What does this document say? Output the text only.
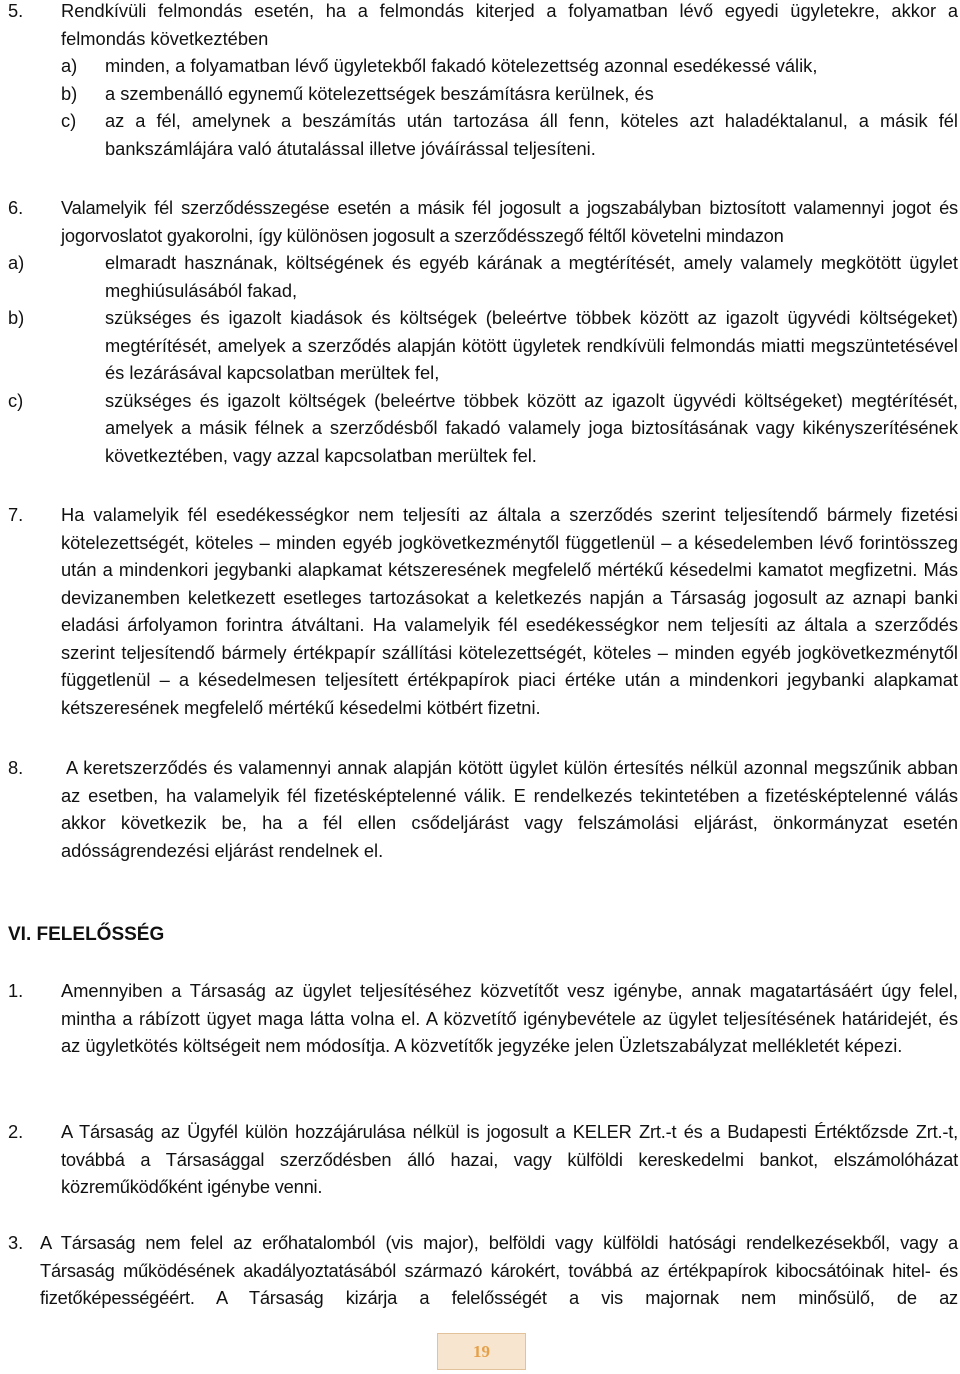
5. Rendkívüli felmondás esetén, ha a felmondás kiterjed a folyamatban lévő egyedi ügyletekre, akkor a felmondás következtében
a) minden, a folyamatban lévő ügyletekből fakadó kötelezettség azonnal esedékessé válik,
b) a szembenálló egynemű kötelezettségek beszámításra kerülnek, és
c) az a fél, amelynek a beszámítás után tartozása áll fenn, köteles azt haladéktalanul, a másik fél bankszámlájára való átutalással illetve jóváírással teljesíteni.
6. Valamelyik fél szerződésszegése esetén a másik fél jogosult a jogszabályban biztosított valamennyi jogot és jogorvoslatot gyakorolni, így különösen jogosult a szerződésszegő féltől követelni mindazon
a)	elmaradt hasznának, költségének és egyéb kárának a megtérítését, amely valamely megkötött ügylet meghiúsulásából fakad,
b)	szükséges és igazolt kiadások és költségek (beleértve többek között az igazolt ügyvédi költségeket) megtérítését, amelyek a szerződés alapján kötött ügyletek rendkívüli felmondás miatti megszüntetésével és lezárásával kapcsolatban merültek fel,
c)	szükséges és igazolt költségek (beleértve többek között az igazolt ügyvédi költségeket) megtérítését, amelyek a másik félnek a szerződésből fakadó valamely joga biztosításának vagy kikényszerítésének következtében, vagy azzal kapcsolatban merültek fel.
7. Ha valamelyik fél esedékességkor nem teljesíti az általa a szerződés szerint teljesítendő bármely fizetési kötelezettségét, köteles – minden egyéb jogkövetkezménytől függetlenül – a késedelemben lévő forintösszeg után a mindenkori jegybanki alapkamat kétszeresének megfelelő mértékű késedelmi kamatot megfizetni. Más devizanemben keletkezett esetleges tartozásokat a keletkezés napján a Társaság jogosult az aznapi banki eladási árfolyamon forintra átváltani. Ha valamelyik fél esedékességkor nem teljesíti az általa a szerződés szerint teljesítendő bármely értékpapír szállítási kötelezettségét, köteles – minden egyéb jogkövetkezménytől függetlenül – a késedelmesen teljesített értékpapírok piaci értéke után a mindenkori jegybanki alapkamat kétszeresének megfelelő mértékű késedelmi kötbért fizetni.
8. A keretszerződés és valamennyi annak alapján kötött ügylet külön értesítés nélkül azonnal megszűnik abban az esetben, ha valamelyik fél fizetésképtelenné válik. E rendelkezés tekintetében a fizetésképtelenné válás akkor következik be, ha a fél ellen csődeljárást vagy felszámolási eljárást, önkormányzat esetén adósságrendezési eljárást rendelnek el.
VI. FELELŐSSÉG
1. Amennyiben a Társaság az ügylet teljesítéséhez közvetítőt vesz igénybe, annak magatartásáért úgy felel, mintha a rábízott ügyet maga látta volna el. A közvetítő igénybevétele az ügylet teljesítésének határidejét, és az ügyletkötés költségeit nem módosítja. A közvetítők jegyzéke jelen Üzletszabályzat mellékletét képezi.
2. A Társaság az Ügyfél külön hozzájárulása nélkül is jogosult a KELER Zrt.-t és a Budapesti Értéktőzsde Zrt.-t, továbbá a Társasággal szerződésben álló hazai, vagy külföldi kereskedelmi bankot, elszámolóházat közreműködőként igénybe venni.
3. A Társaság nem felel az erőhatalomból (vis major), belföldi vagy külföldi hatósági rendelkezésekből, vagy a Társaság működésének akadályoztatásából származó károkért, továbbá az értékpapírok kibocsátóinak hitel- és fizetőképességéért. A Társaság kizárja a felelősségét a vis majornak nem minősülő, de az
19
